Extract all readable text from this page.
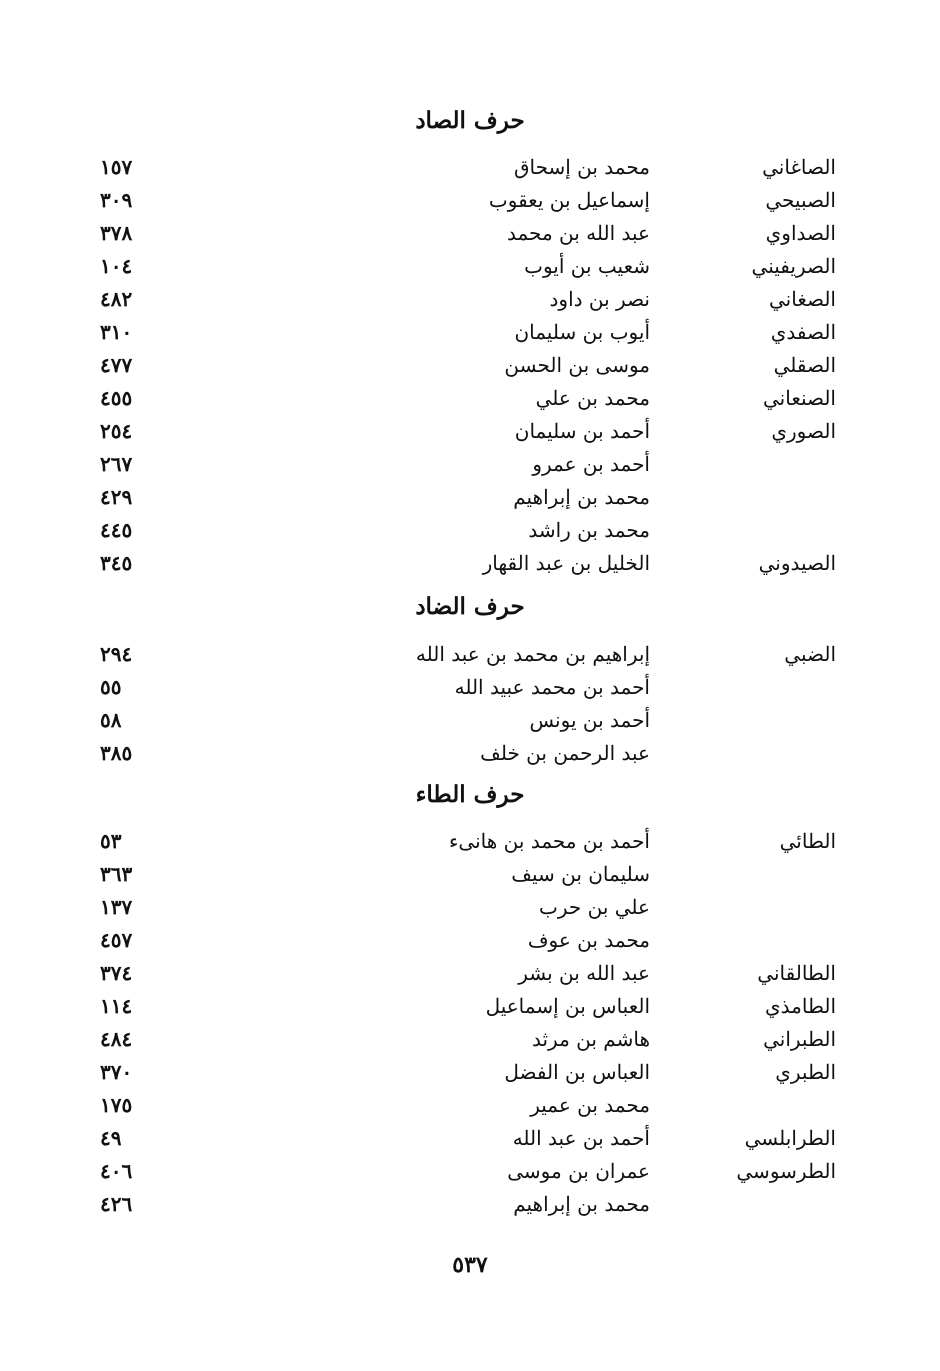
حرف الصاد
الصاغاني
محمد بن إسحاق
١٥٧
الصبيحي
إسماعيل بن يعقوب
٣٠٩
الصداوي
عبد الله بن محمد
٣٧٨
الصريفيني
شعيب بن أيوب
١٠٤
الصغاني
نصر بن داود
٤٨٢
الصفدي
أيوب بن سليمان
٣١٠
الصقلي
موسى بن الحسن
٤٧٧
الصنعاني
محمد بن علي
٤٥٥
الصوري
أحمد بن سليمان
٢٥٤
أحمد بن عمرو
٢٦٧
محمد بن إبراهيم
٤٢٩
محمد بن راشد
٤٤٥
الصيدوني
الخليل بن عبد القهار
٣٤٥
حرف الضاد
الضبي
إبراهيم بن محمد بن عبد الله
٢٩٤
أحمد بن محمد عبيد الله
٥٥
أحمد بن يونس
٥٨
عبد الرحمن بن خلف
٣٨٥
حرف الطاء
الطائي
أحمد بن محمد بن هانىء
٥٣
سليمان بن سيف
٣٦٣
علي بن حرب
١٣٧
محمد بن عوف
٤٥٧
الطالقاني
عبد الله بن بشر
٣٧٤
الطامذي
العباس بن إسماعيل
١١٤
الطبراني
هاشم بن مرثد
٤٨٤
الطبري
العباس بن الفضل
٣٧٠
محمد بن عمير
١٧٥
الطرابلسي
أحمد بن عبد الله
٤٩
الطرسوسي
عمران بن موسى
٤٠٦
محمد بن إبراهيم
٤٢٦
٥٣٧
